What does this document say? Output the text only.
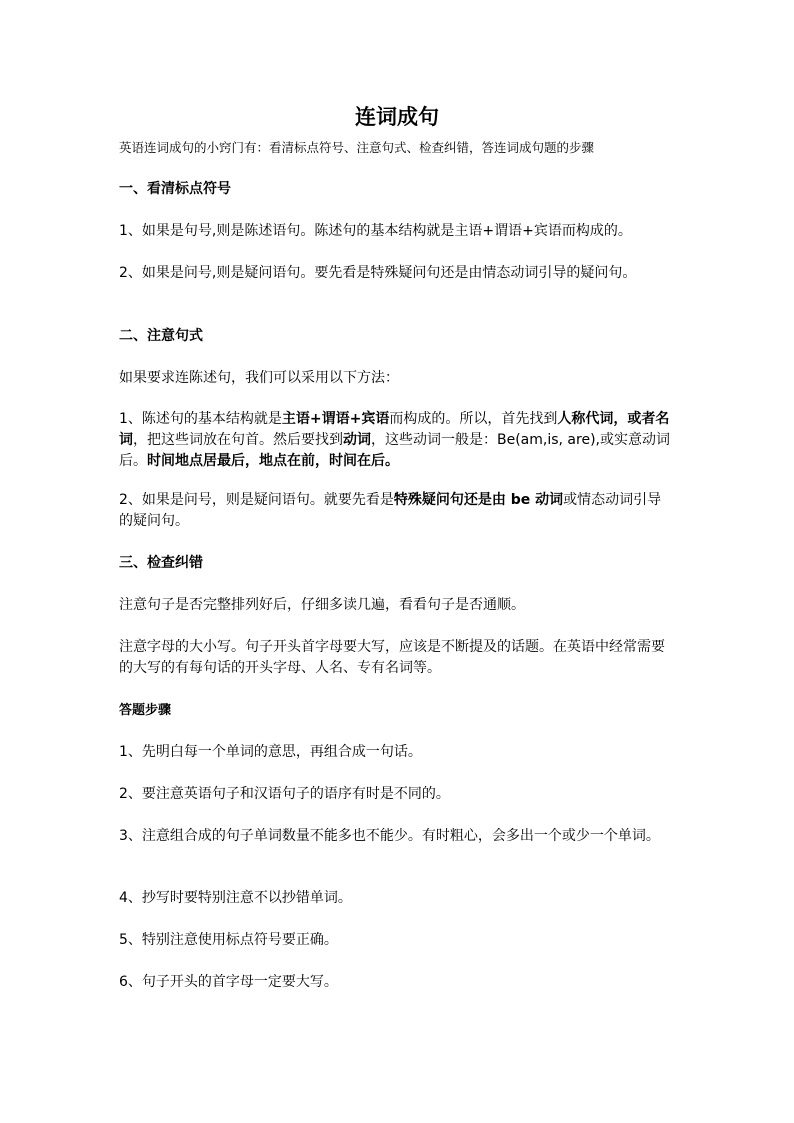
连词成句

英语连词成句的小窍门有：看清标点符号、注意句式、检查纠错，答连词成句题的步骤

一、看清标点符号

1、如果是句号,则是陈述语句。陈述句的基本结构就是主语+谓语+宾语而构成的。

2、如果是问号,则是疑问语句。要先看是特殊疑问句还是由情态动词引导的疑问句。

二、注意句式

如果要求连陈述句，我们可以采用以下方法：

1、陈述句的基本结构就是主语+谓语+宾语而构成的。所以，首先找到人称代词，或者名词，把这些词放在句首。然后要找到动词，这些动词一般是：Be(am,is, are),或实意动词后。时间地点居最后，地点在前，时间在后。

2、如果是问号，则是疑问语句。就要先看是特殊疑问句还是由 be 动词或情态动词引导的疑问句。

三、检查纠错

注意句子是否完整排列好后，仔细多读几遍，看看句子是否通顺。

注意字母的大小写。句子开头首字母要大写，应该是不断提及的话题。在英语中经常需要的大写的有每句话的开头字母、人名、专有名词等。

答题步骤

1、先明白每一个单词的意思，再组合成一句话。

2、要注意英语句子和汉语句子的语序有时是不同的。

3、注意组合成的句子单词数量不能多也不能少。有时粗心，会多出一个或少一个单词。

4、抄写时要特别注意不以抄错单词。

5、特别注意使用标点符号要正确。

6、句子开头的首字母一定要大写。
